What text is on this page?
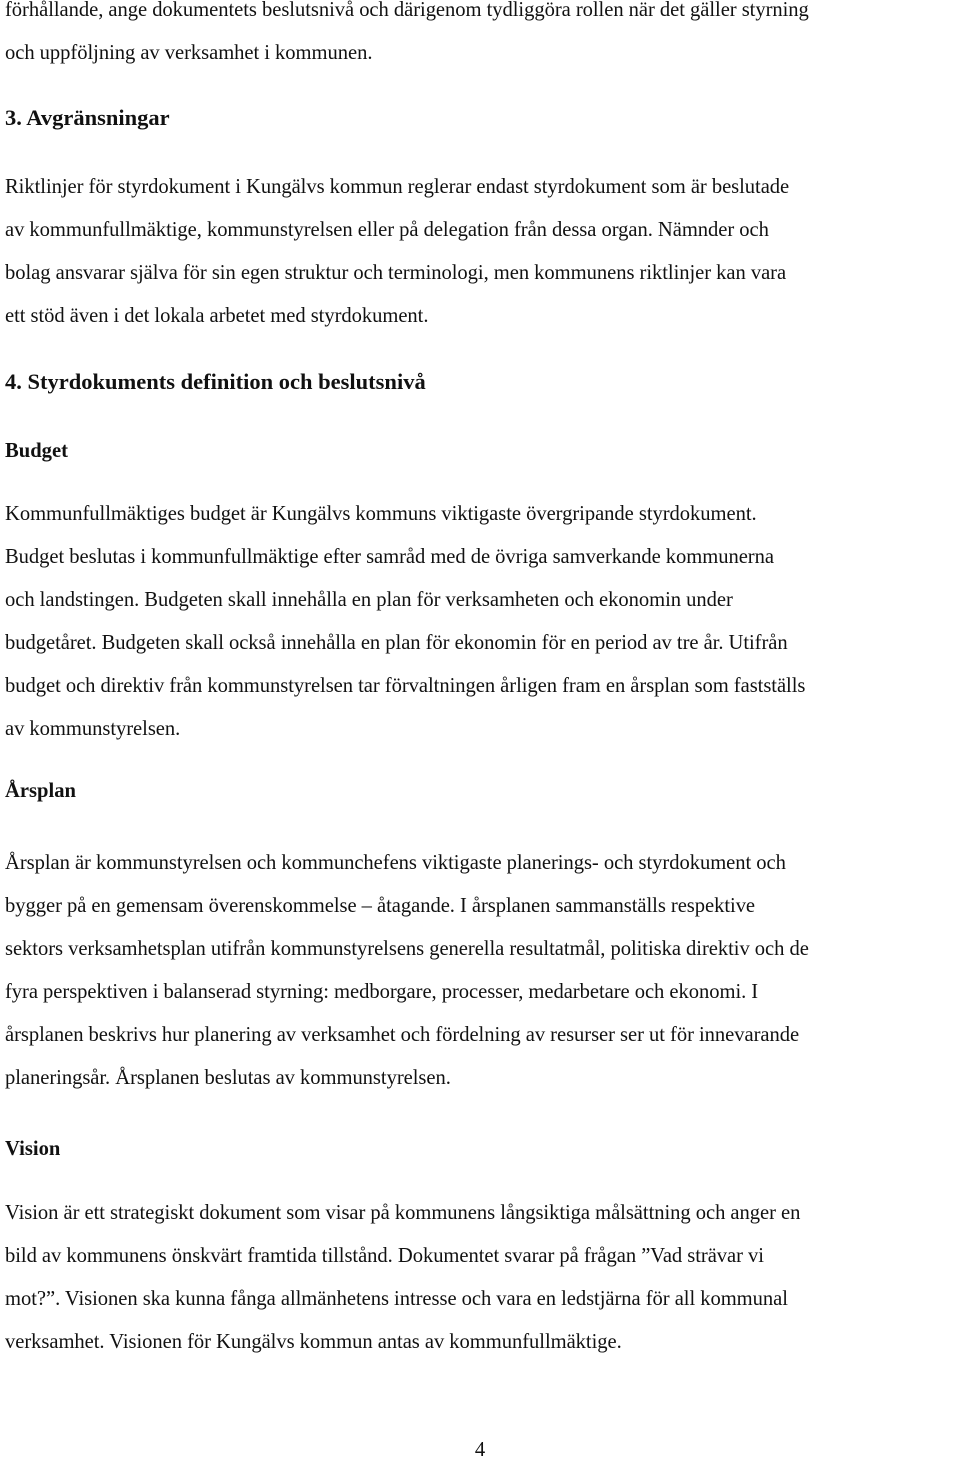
förhållande, ange dokumentets beslutsnivå och därigenom tydliggöra rollen när det gäller styrning
och uppföljning av verksamhet i kommunen.

3. Avgränsningar

Riktlinjer för styrdokument i Kungälvs kommun reglerar endast styrdokument som är beslutade
av kommunfullmäktige, kommunstyrelsen eller på delegation från dessa organ. Nämnder och
bolag ansvarar själva för sin egen struktur och terminologi, men kommunens riktlinjer kan vara
ett stöd även i det lokala arbetet med styrdokument.

4. Styrdokuments definition och beslutsnivå
Budget

Kommunfullmäktiges budget är Kungälvs kommuns viktigaste övergripande styrdokument.
Budget beslutas i kommunfullmäktige efter samråd med de övriga samverkande kommunerna
och landstingen. Budgeten skall innehålla en plan för verksamheten och ekonomin under
budgetåret. Budgeten skall också innehålla en plan för ekonomin för en period av tre år. Utifrån
budget och direktiv från kommunstyrelsen tar förvaltningen årligen fram en årsplan som fastställs
av kommunstyrelsen.

Årsplan

Årsplan är kommunstyrelsen och kommunchefens viktigaste planerings- och styrdokument och
bygger på en gemensam överenskommelse – åtagande. I årsplanen sammanställs respektive
sektors verksamhetsplan utifrån kommunstyrelsens generella resultatmål, politiska direktiv och de
fyra perspektiven i balanserad styrning: medborgare, processer, medarbetare och ekonomi. I
årsplanen beskrivs hur planering av verksamhet och fördelning av resurser ser ut för innevarande
planeringsår. Årsplanen beslutas av kommunstyrelsen.

Vision

Vision är ett strategiskt dokument som visar på kommunens långsiktiga målsättning och anger en
bild av kommunens önskvärt framtida tillstånd. Dokumentet svarar på frågan ”Vad strävar vi
mot?”. Visionen ska kunna fånga allmänhetens intresse och vara en ledstjärna för all kommunal
verksamhet. Visionen för Kungälvs kommun antas av kommunfullmäktige.

4
